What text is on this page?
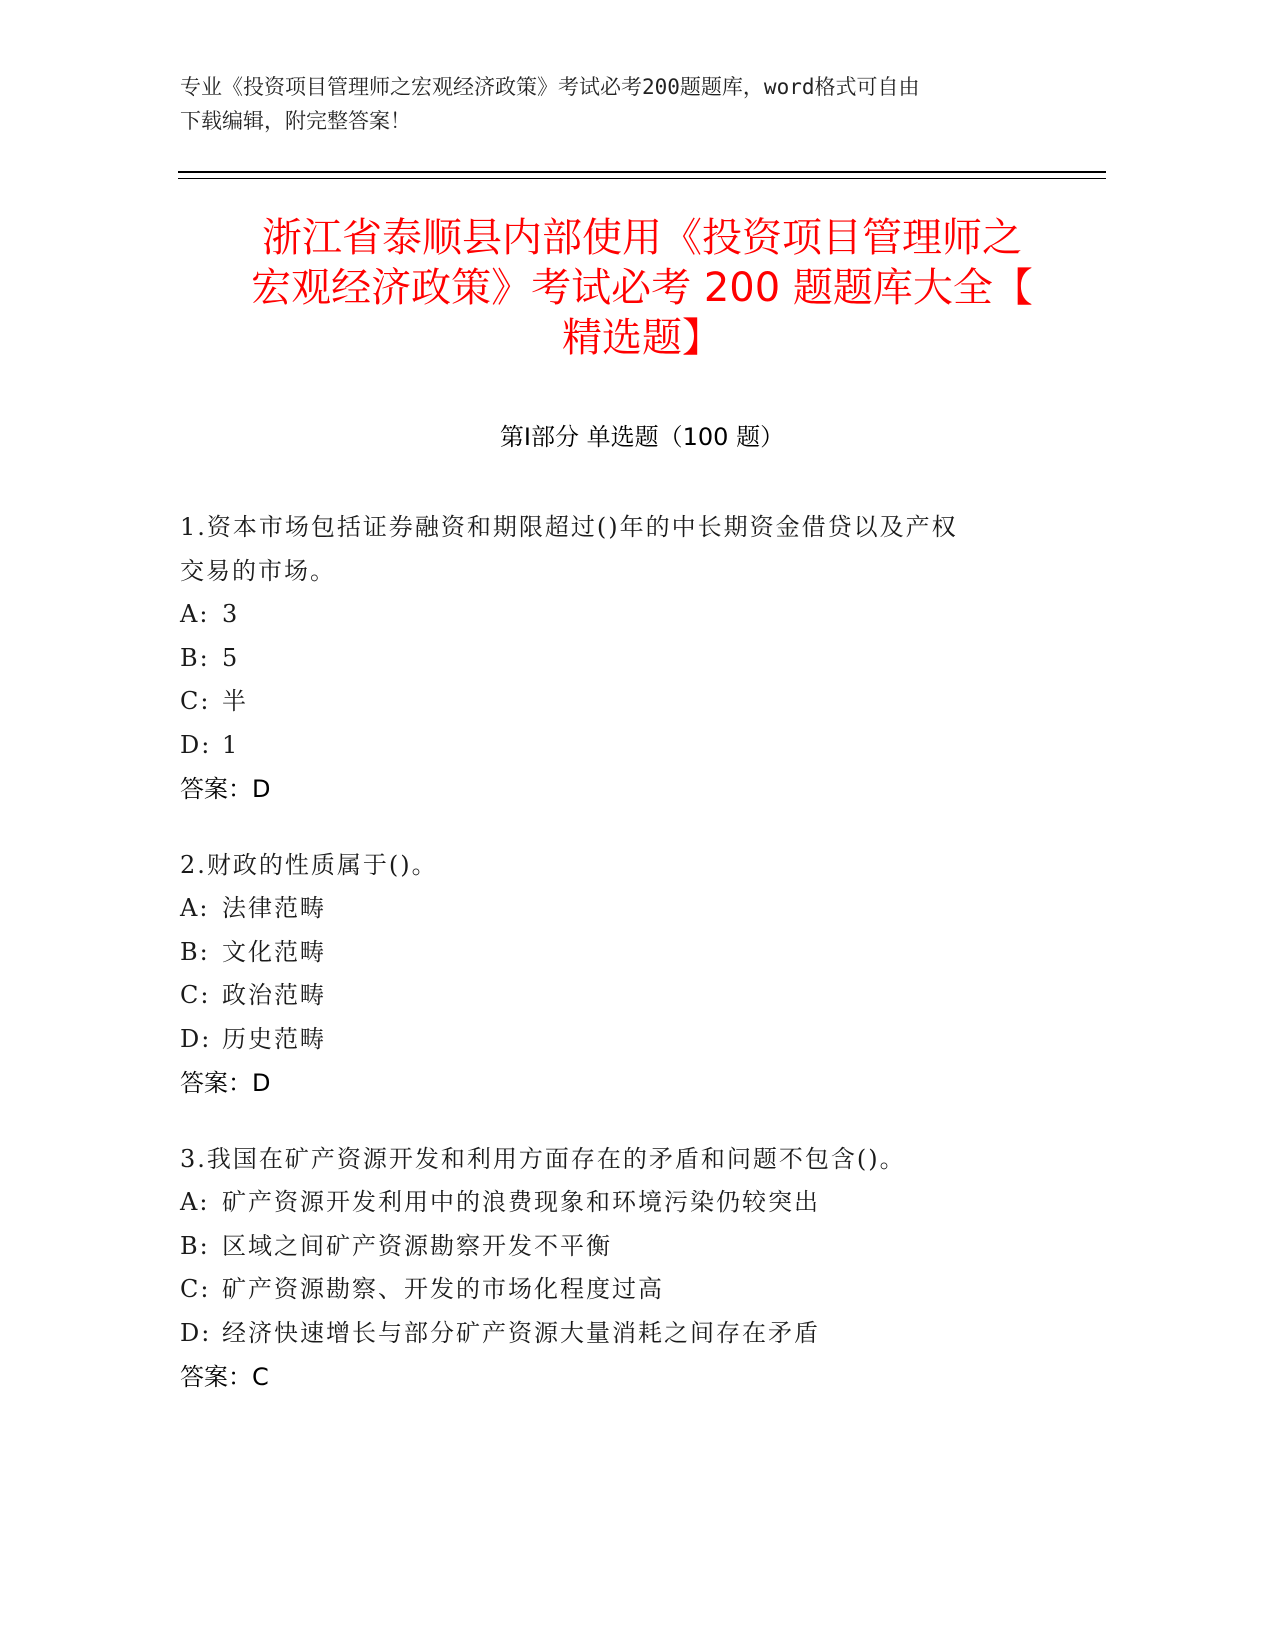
专业《投资项目管理师之宏观经济政策》考试必考200题题库，word格式可自由
下载编辑，附完整答案！
浙江省泰顺县内部使用《投资项目管理师之
宏观经济政策》考试必考 200 题题库大全【
精选题】
第Ⅰ部分 单选题（100 题）
1.资本市场包括证券融资和期限超过()年的中长期资金借贷以及产权
交易的市场。
A: 3
B: 5
C: 半
D: 1
答案：D
2.财政的性质属于()。
A: 法律范畴
B: 文化范畴
C: 政治范畴
D: 历史范畴
答案：D
3.我国在矿产资源开发和利用方面存在的矛盾和问题不包含()。
A: 矿产资源开发利用中的浪费现象和环境污染仍较突出
B: 区域之间矿产资源勘察开发不平衡
C: 矿产资源勘察、开发的市场化程度过高
D: 经济快速增长与部分矿产资源大量消耗之间存在矛盾
答案：C
